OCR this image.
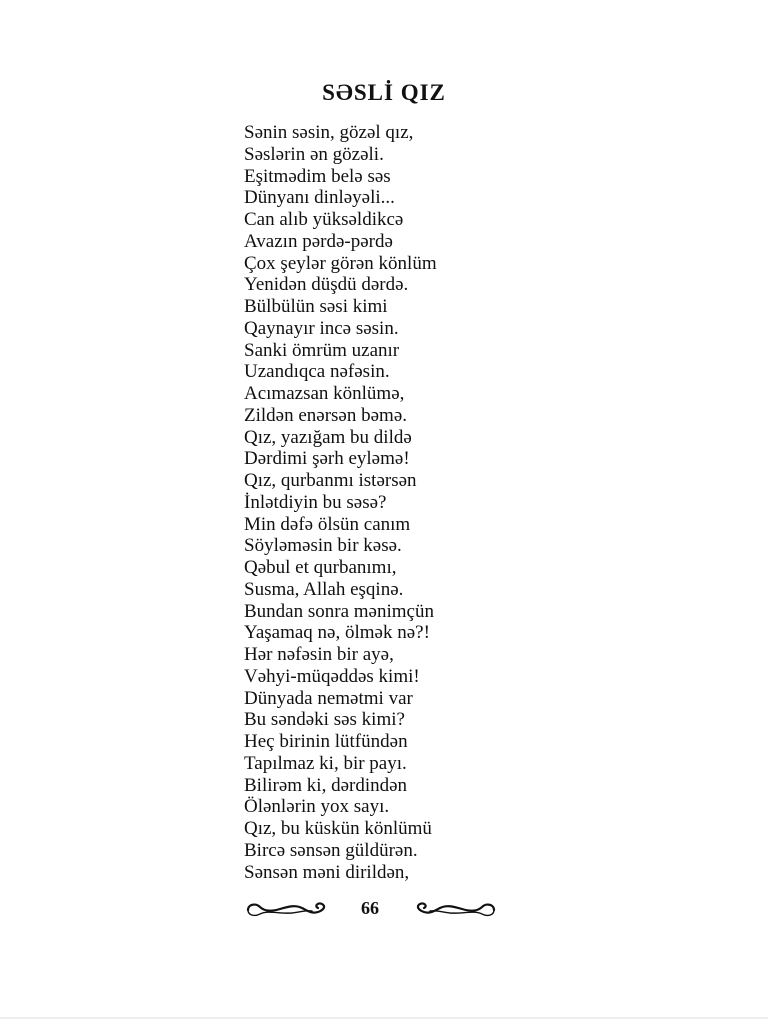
SƏSLİ QIZ
Sənin səsin, gözəl qız,
Səslərin ən gözəli.
Eşitmədim belə səs
Dünyanı dinləyəli...
Can alıb yüksəldikcə
Avazın pərdə-pərdə
Çox şeylər görən könlüm
Yenidən düşdü dərdə.
Bülbülün səsi kimi
Qaynayır incə səsin.
Sanki ömrüm uzanır
Uzandıqca nəfəsin.
Acımazsan könlümə,
Zildən enərsən bəmə.
Qız, yazığam bu dildə
Dərdimi şərh eyləmə!
Qız, qurbanmı istərsən
İnlətdiyin bu səsə?
Min dəfə ölsün canım
Söyləməsin bir kəsə.
Qəbul et qurbanımı,
Susma, Allah eşqinə.
Bundan sonra mənimçün
Yaşamaq nə, ölmək nə?!
Hər nəfəsin bir ayə,
Vəhyi-müqəddəs kimi!
Dünyada nemətmi var
Bu səndəki səs kimi?
Heç birinin lütfündən
Tapılmaz ki, bir payı.
Bilirəm ki, dərdindən
Ölənlərin yox sayı.
Qız, bu küskün könlümü
Bircə sənsən güldürən.
Sənsən məni dirildən,
66
